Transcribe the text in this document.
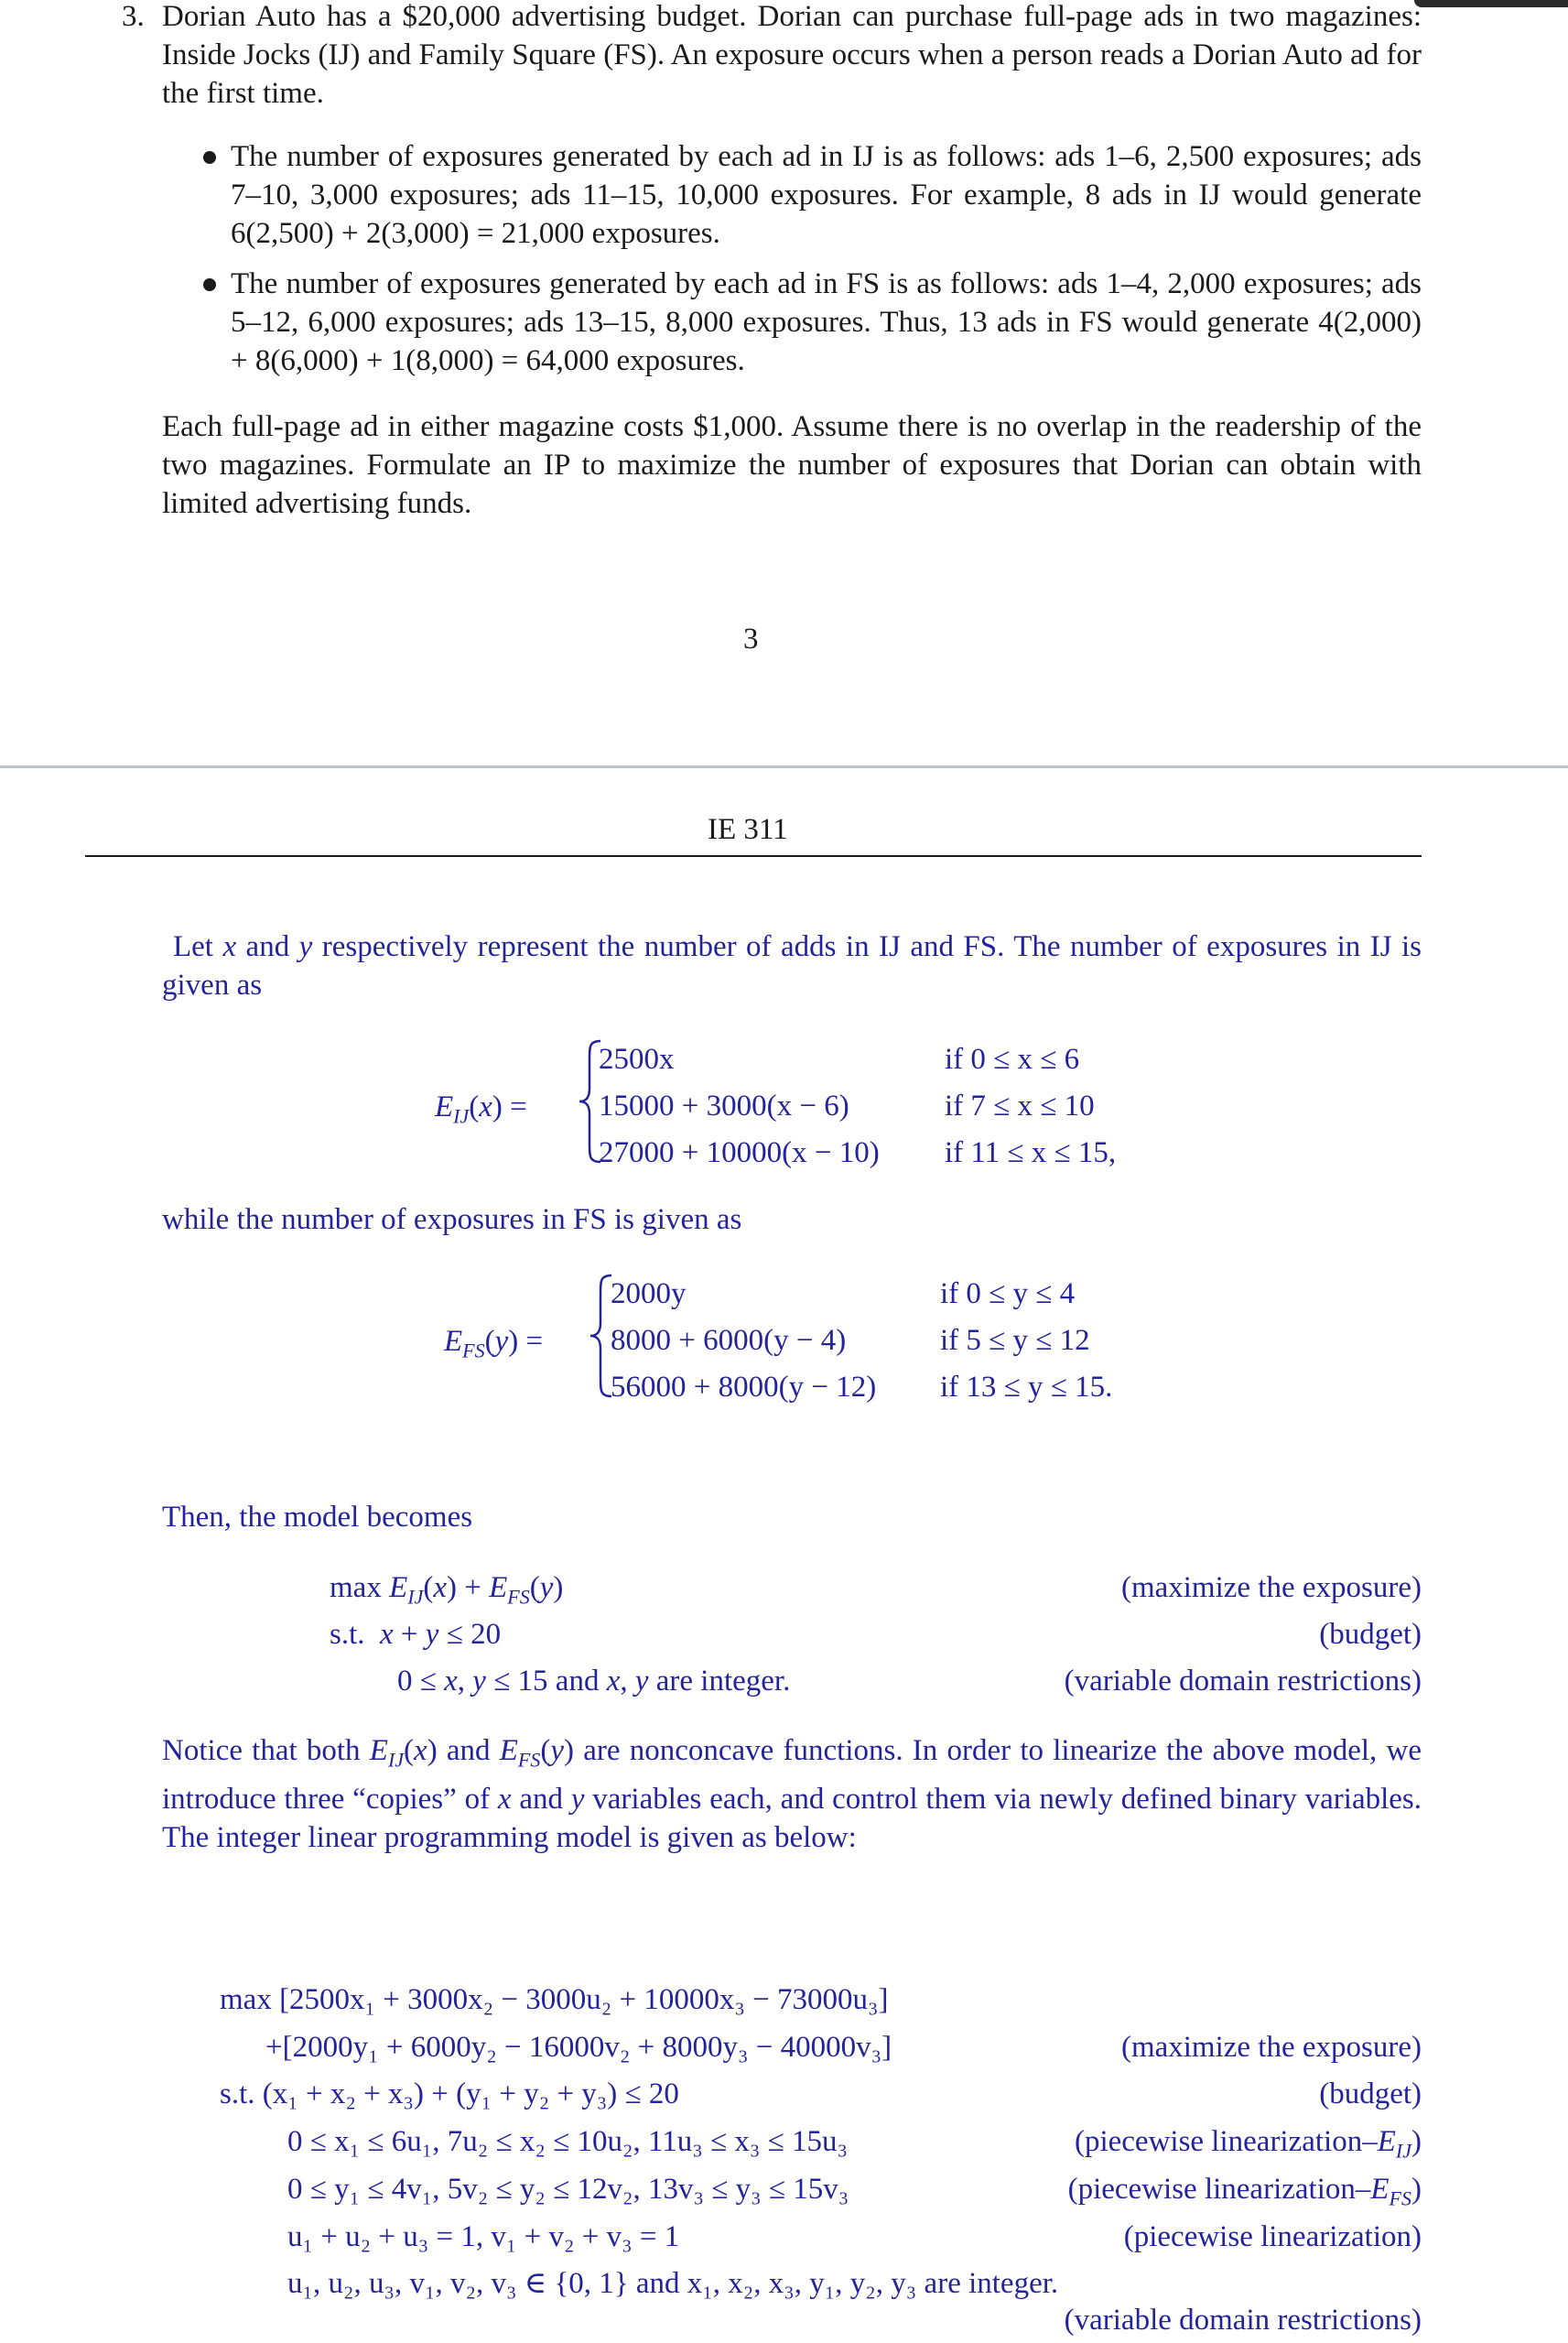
3. Dorian Auto has a $20,000 advertising budget. Dorian can purchase full-page ads in two magazines: Inside Jocks (IJ) and Family Square (FS). An exposure occurs when a person reads a Dorian Auto ad for the first time.
The number of exposures generated by each ad in IJ is as follows: ads 1–6, 2,500 exposures; ads 7–10, 3,000 exposures; ads 11–15, 10,000 exposures. For example, 8 ads in IJ would generate 6(2,500) + 2(3,000) = 21,000 exposures.
The number of exposures generated by each ad in FS is as follows: ads 1–4, 2,000 exposures; ads 5–12, 6,000 exposures; ads 13–15, 8,000 exposures. Thus, 13 ads in FS would generate 4(2,000) + 8(6,000) + 1(8,000) = 64,000 exposures.
Each full-page ad in either magazine costs $1,000. Assume there is no overlap in the readership of the two magazines. Formulate an IP to maximize the number of exposures that Dorian can obtain with limited advertising funds.
3
IE 311
Let x and y respectively represent the number of adds in IJ and FS. The number of exposures in IJ is given as
$E_{IJ}(x)$ =
2500x
15000 + 3000(x − 6)
27000 + 10000(x − 10)
if 0 ≤ x ≤ 6
if 7 ≤ x ≤ 10
if 11 ≤ x ≤ 15,
while the number of exposures in FS is given as
$E_{FS}(y)$ =
2000y
8000 + 6000(y − 4)
56000 + 8000(y − 12)
if 0 ≤ y ≤ 4
if 5 ≤ y ≤ 12
if 13 ≤ y ≤ 15.
Then, the model becomes
$\max E_{IJ}(x) + E_{FS}(y)$
s.t.  x + y ≤ 20
0 ≤ x, y ≤ 15 and x, y are integer.
(maximize the exposure)
(budget)
(variable domain restrictions)
Notice that both $E_{IJ}(x)$ and $E_{FS}(y)$ are nonconcave functions. In order to linearize the above model, we introduce three “copies” of x and y variables each, and control them via newly defined binary variables. The integer linear programming model is given as below:
max [2500x₁ + 3000x₂ − 3000u₂ + 10000x₃ − 73000u₃]
+[2000y₁ + 6000y₂ − 16000v₂ + 8000y₃ − 40000v₃]
s.t. (x₁ + x₂ + x₃) + (y₁ + y₂ + y₃) ≤ 20
0 ≤ x₁ ≤ 6u₁, 7u₂ ≤ x₂ ≤ 10u₂, 11u₃ ≤ x₃ ≤ 15u₃
0 ≤ y₁ ≤ 4v₁, 5v₂ ≤ y₂ ≤ 12v₂, 13v₃ ≤ y₃ ≤ 15v₃
u₁ + u₂ + u₃ = 1, v₁ + v₂ + v₃ = 1
u₁, u₂, u₃, v₁, v₂, v₃ ∈ {0, 1} and x₁, x₂, x₃, y₁, y₂, y₃ are integer.
(maximize the exposure)
(budget)
(piecewise linearization–$E_{IJ}$)
(piecewise linearization–$E_{FS}$)
(piecewise linearization)
(variable domain restrictions)
